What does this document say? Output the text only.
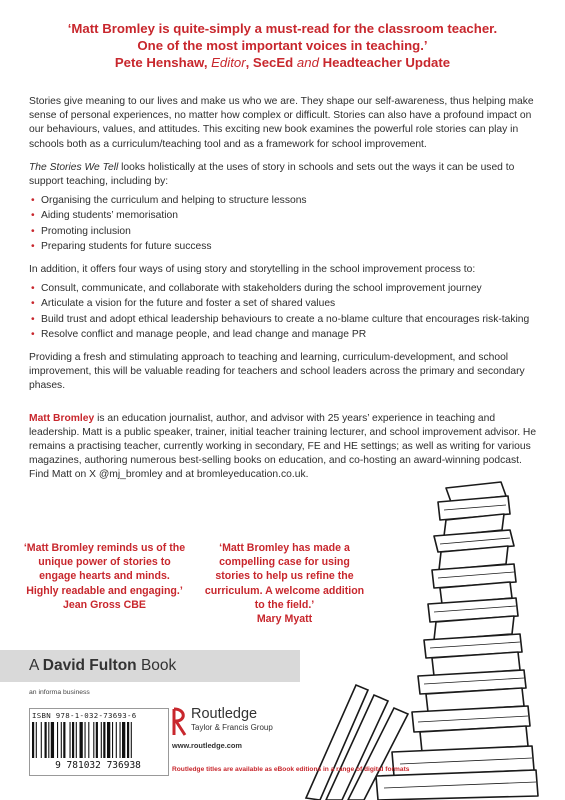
‘Matt Bromley is quite-simply a must-read for the classroom teacher.
One of the most important voices in teaching.’
Pete Henshaw, Editor, SecEd and Headteacher Update

Stories give meaning to our lives and make us who we are. They shape our self-awareness, thus helping make sense of personal experiences, no matter how complex or difficult. Stories can also have a profound impact on our behaviours, values, and attitudes. This exciting new book examines the powerful role stories can play in schools both as a curriculum/teaching tool and as a framework for school improvement.

The Stories We Tell looks holistically at the uses of story in schools and sets out the ways it can be used to support teaching, including by:

• Organising the curriculum and helping to structure lessons
• Aiding students’ memorisation
• Promoting inclusion
• Preparing students for future success

In addition, it offers four ways of using story and storytelling in the school improvement process to:

• Consult, communicate, and collaborate with stakeholders during the school improvement journey
• Articulate a vision for the future and foster a set of shared values
• Build trust and adopt ethical leadership behaviours to create a no-blame culture that encourages risk-taking
• Resolve conflict and manage people, and lead change and manage PR

Providing a fresh and stimulating approach to teaching and learning, curriculum-development, and school improvement, this will be valuable reading for teachers and school leaders across the primary and secondary phases.

Matt Bromley is an education journalist, author, and advisor with 25 years’ experience in teaching and leadership. Matt is a public speaker, trainer, initial teacher training lecturer, and school improvement advisor. He remains a practising teacher, currently working in secondary, FE and HE settings; as well as writing for various magazines, authoring numerous best-selling books on education, and co-hosting an award-winning podcast. Find Matt on X @mj_bromley and at bromleyeducation.co.uk.

‘Matt Bromley reminds us of the unique power of stories to engage hearts and minds. Highly readable and engaging.’
Jean Gross CBE
‘Matt Bromley has made a compelling case for using stories to help us refine the curriculum. A welcome addition to the field.’
Mary Myatt
A David Fulton Book
an informa business
ISBN 978-1-032-73693-6
9 781032 736938
Routledge
Taylor & Francis Group
www.routledge.com
Routledge titles are available as eBook editions in a range of digital formats
